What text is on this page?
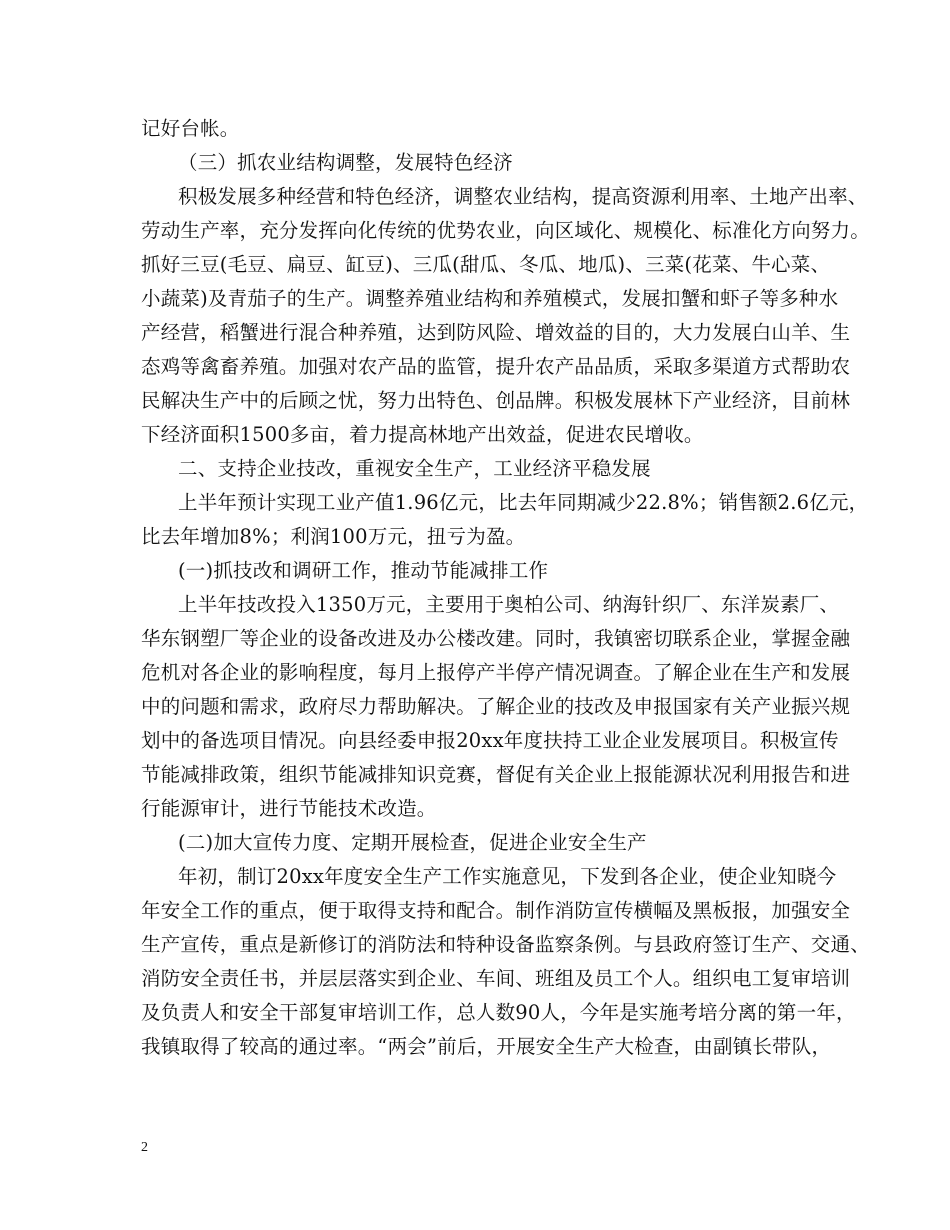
记好台帐。
（三）抓农业结构调整，发展特色经济
积极发展多种经营和特色经济，调整农业结构，提高资源利用率、土地产出率、
劳动生产率，充分发挥向化传统的优势农业，向区域化、规模化、标准化方向努力。
抓好三豆(毛豆、扁豆、缸豆)、三瓜(甜瓜、冬瓜、地瓜)、三菜(花菜、牛心菜、
小蔬菜)及青茄子的生产。调整养殖业结构和养殖模式，发展扣蟹和虾子等多种水
产经营，稻蟹进行混合种养殖，达到防风险、增效益的目的，大力发展白山羊、生
态鸡等禽畜养殖。加强对农产品的监管，提升农产品品质，采取多渠道方式帮助农
民解决生产中的后顾之忧，努力出特色、创品牌。积极发展林下产业经济，目前林
下经济面积1500多亩，着力提高林地产出效益，促进农民增收。
二、支持企业技改，重视安全生产，工业经济平稳发展
上半年预计实现工业产值1.96亿元，比去年同期减少22.8%；销售额2.6亿元，
比去年增加8%；利润100万元，扭亏为盈。
(一)抓技改和调研工作，推动节能减排工作
上半年技改投入1350万元，主要用于奥柏公司、纳海针织厂、东洋炭素厂、
华东钢塑厂等企业的设备改进及办公楼改建。同时，我镇密切联系企业，掌握金融
危机对各企业的影响程度，每月上报停产半停产情况调查。了解企业在生产和发展
中的问题和需求，政府尽力帮助解决。了解企业的技改及申报国家有关产业振兴规
划中的备选项目情况。向县经委申报20xx年度扶持工业企业发展项目。积极宣传
节能减排政策，组织节能减排知识竞赛，督促有关企业上报能源状况利用报告和进
行能源审计，进行节能技术改造。
(二)加大宣传力度、定期开展检查，促进企业安全生产
年初，制订20xx年度安全生产工作实施意见，下发到各企业，使企业知晓今
年安全工作的重点，便于取得支持和配合。制作消防宣传横幅及黑板报，加强安全
生产宣传，重点是新修订的消防法和特种设备监察条例。与县政府签订生产、交通、
消防安全责任书，并层层落实到企业、车间、班组及员工个人。组织电工复审培训
及负责人和安全干部复审培训工作，总人数90人，今年是实施考培分离的第一年，
我镇取得了较高的通过率。“两会”前后，开展安全生产大检查，由副镇长带队，
2
